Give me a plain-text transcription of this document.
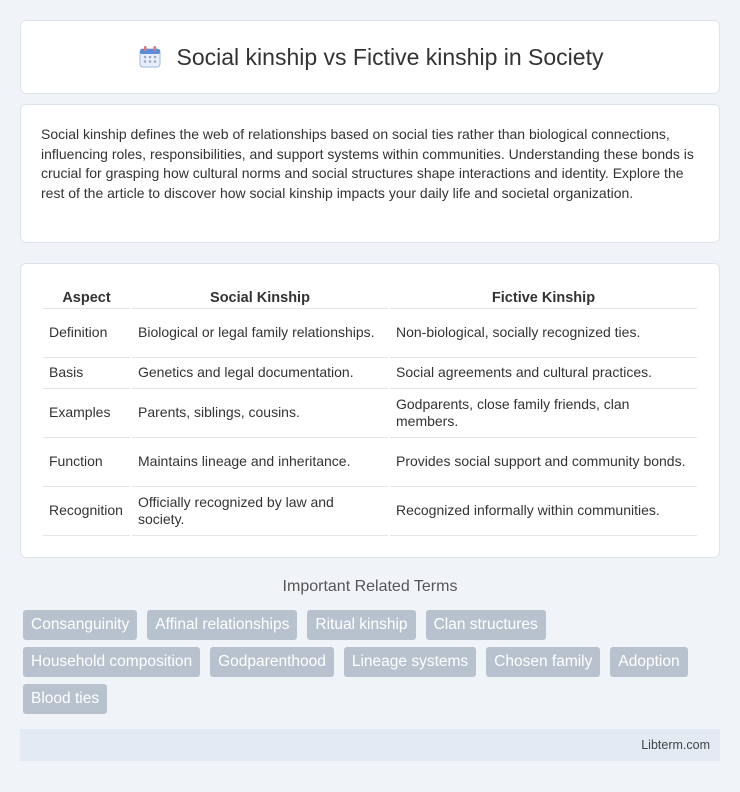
Social kinship vs Fictive kinship in Society

Social kinship defines the web of relationships based on social ties rather than biological connections, influencing roles, responsibilities, and support systems within communities. Understanding these bonds is crucial for grasping how cultural norms and social structures shape interactions and identity. Explore the rest of the article to discover how social kinship impacts your daily life and societal organization.

Aspect	Social Kinship	Fictive Kinship
Definition	Biological or legal family relationships.	Non-biological, socially recognized ties.
Basis	Genetics and legal documentation.	Social agreements and cultural practices.
Examples	Parents, siblings, cousins.	Godparents, close family friends, clan members.
Function	Maintains lineage and inheritance.	Provides social support and community bonds.
Recognition	Officially recognized by law and society.	Recognized informally within communities.
Important Related Terms
Consanguinity	Affinal relationships	Ritual kinship	Clan structures
Household composition	Godparenthood	Lineage systems	Chosen family	Adoption
Blood ties
Libterm.com
